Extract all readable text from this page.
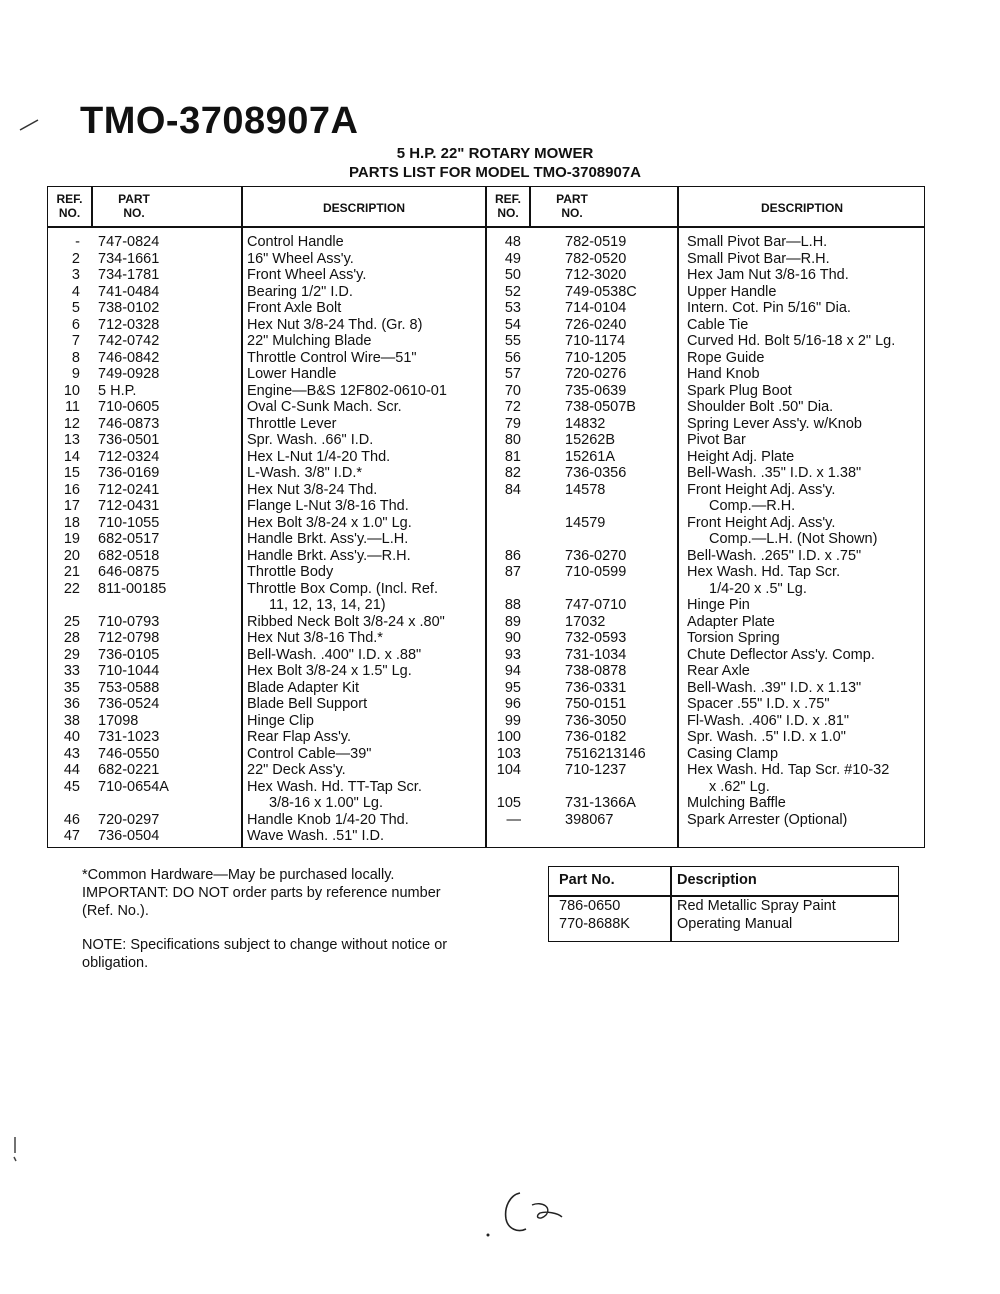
TMO-3708907A
5 H.P. 22" ROTARY MOWER
PARTS LIST FOR MODEL TMO-3708907A
REF.
NO.
PART
NO.	DESCRIPTION
REF.
NO.
PART
NO.	DESCRIPTION
- 747-0824	Control Handle
2 734-1661	16" Wheel Ass'y.
3 734-1781	Front Wheel Ass'y.
4 741-0484	Bearing 1/2" I.D.
5 738-0102	Front Axle Bolt
6 712-0328	Hex Nut 3/8-24 Thd. (Gr. 8)
7 742-0742	22" Mulching Blade
8 746-0842	Throttle Control Wire—51"
9 749-0928	Lower Handle
10 5 H.P.	Engine—B&S 12F802-0610-01
11 710-0605	Oval C-Sunk Mach. Scr.
12 746-0873	Throttle Lever
13 736-0501	Spr. Wash. .66" I.D.
14 712-0324	Hex L-Nut 1/4-20 Thd.
15 736-0169	L-Wash. 3/8" I.D.*
16 712-0241	Hex Nut 3/8-24 Thd.
17 712-0431	Flange L-Nut 3/8-16 Thd.
18 710-1055	Hex Bolt 3/8-24 x 1.0" Lg.
19 682-0517	Handle Brkt. Ass'y.—L.H.
20 682-0518	Handle Brkt. Ass'y.—R.H.
21 646-0875	Throttle Body
22 811-00185	Throttle Box Comp. (Incl. Ref.
11, 12, 13, 14, 21)
25 710-0793	Ribbed Neck Bolt 3/8-24 x .80"
28 712-0798	Hex Nut 3/8-16 Thd.*
29 736-0105	Bell-Wash. .400" I.D. x .88"
33 710-1044	Hex Bolt 3/8-24 x 1.5" Lg.
35 753-0588	Blade Adapter Kit
36 736-0524	Blade Bell Support
38 17098	Hinge Clip
40 731-1023	Rear Flap Ass'y.
43 746-0550	Control Cable—39"
44 682-0221	22" Deck Ass'y.
45 710-0654A	Hex Wash. Hd. TT-Tap Scr.
3/8-16 x 1.00" Lg.
46 720-0297	Handle Knob 1/4-20 Thd.
47 736-0504	Wave Wash. .51" I.D.
48	782-0519	Small Pivot Bar—L.H.
49	782-0520	Small Pivot Bar—R.H.
50	712-3020	Hex Jam Nut 3/8-16 Thd.
52	749-0538C	Upper Handle
53	714-0104	Intern. Cot. Pin 5/16" Dia.
54	726-0240	Cable Tie
55	710-1174	Curved Hd. Bolt 5/16-18 x 2" Lg.
56	710-1205	Rope Guide
57	720-0276	Hand Knob
70	735-0639	Spark Plug Boot
72	738-0507B	Shoulder Bolt .50" Dia.
79	14832	Spring Lever Ass'y. w/Knob
80	15262B	Pivot Bar
81	15261A	Height Adj. Plate
82	736-0356	Bell-Wash. .35" I.D. x 1.38"
84	14578	Front Height Adj. Ass'y.
Comp.—R.H.
14579	Front Height Adj. Ass'y.
Comp.—L.H. (Not Shown)
86	736-0270	Bell-Wash. .265" I.D. x .75"
87	710-0599	Hex Wash. Hd. Tap Scr.
1/4-20 x .5" Lg.
88	747-0710	Hinge Pin
89	17032	Adapter Plate
90	732-0593	Torsion Spring
93	731-1034	Chute Deflector Ass'y. Comp.
94	738-0878	Rear Axle
95	736-0331	Bell-Wash. .39" I.D. x 1.13"
96	750-0151	Spacer .55" I.D. x .75"
99	736-3050	Fl-Wash. .406" I.D. x .81"
100	736-0182	Spr. Wash. .5" I.D. x 1.0"
103	7516213146	Casing Clamp
104	710-1237	Hex Wash. Hd. Tap Scr. #10-32
x .62" Lg.
105	731-1366A	Mulching Baffle
—	398067	Spark Arrester (Optional)

*Common Hardware—May be purchased locally.

IMPORTANT: DO NOT order parts by reference number (Ref. No.).

NOTE: Specifications subject to change without notice or obligation.

Part No.	Description
786-0650	Red Metallic Spray Paint
770-8688K	Operating Manual
